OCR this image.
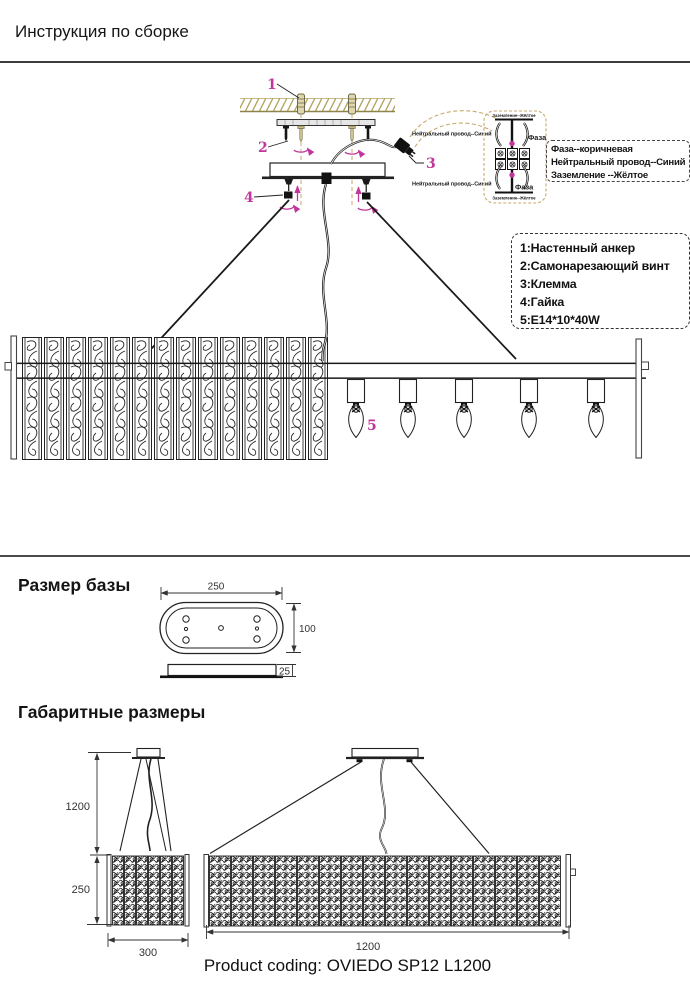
Инструкция по сборке
1
2
3
4
5
Нейтральный провод--Синий
Нейтральный провод--Синий
Заземление--Жёлтое
Заземление--Жёлтое
Фаза
Фаза
250
100
25
1200
250
300	1200
Фаза--коричневая
Нейтральный провод--Синий
Заземление --Жёлтое
1:Настенный анкер
2:Самонарезающий винт
3:Клемма
4:Гайка
5:E14*10*40W
Размер базы
Габаритные размеры
Product coding: OVIEDO SP12 L1200
